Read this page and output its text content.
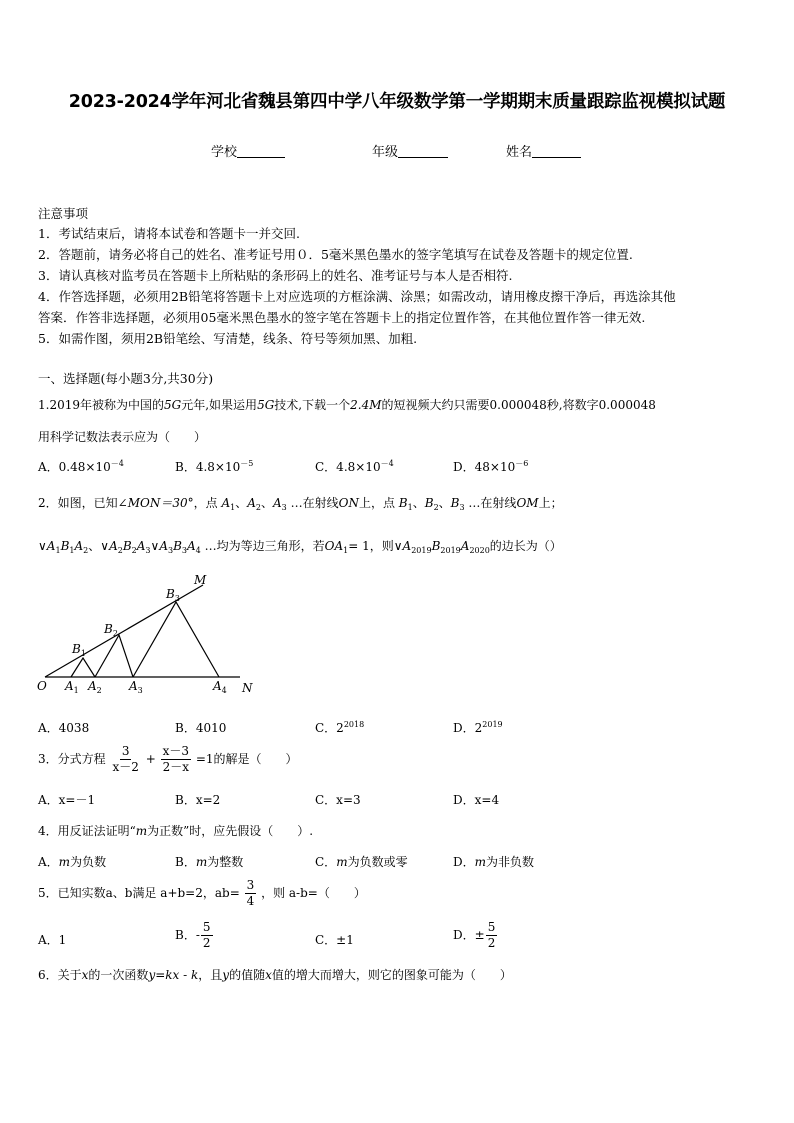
2023-2024学年河北省魏县第四中学八年级数学第一学期期末质量跟踪监视模拟试题
学校	年级	姓名
注意事项
1．考试结束后，请将本试卷和答题卡一并交回.
2．答题前，请务必将自己的姓名、准考证号用０．5毫米黑色墨水的签字笔填写在试卷及答题卡的规定位置.
3．请认真核对监考员在答题卡上所粘贴的条形码上的姓名、准考证号与本人是否相符.
4．作答选择题，必须用2B铅笔将答题卡上对应选项的方框涂满、涂黑；如需改动，请用橡皮擦干净后，再选涂其他
答案．作答非选择题，必须用05毫米黑色墨水的签字笔在答题卡上的指定位置作答，在其他位置作答一律无效.
5．如需作图，须用2B铅笔绘、写清楚，线条、符号等须加黑、加粗.
一、选择题(每小题3分,共30分)
1.2019年被称为中国的5G元年,如果运用5G技术,下载一个2.4M的短视频大约只需要0.000048秒,将数字0.000048
用科学记数法表示应为（　　）
A．$0.48\times 10^{-4}$	B．$4.8\times 10^{-5}$	C．$4.8\times 10^{-4}$	D．$48\times 10^{-6}$
2．如图，已知∠MON＝30°，点 $A_1$、$A_2$、$A_3$ …在射线ON上，点 $B_1$、$B_2$、$B_3$ …在射线OM上；
$\vee A_1B_1A_2$、$\vee A_2B_2A_3\vee A_3B_3A_4$ …均为等边三角形，若$OA_1= 1$，则$\vee A_{2019}B_{2019}A_{2020}$的边长为（）
O $A_1$ $A_2$ $A_3$	$A_4$ N
$B_1$
$B_2$
$B_3$
M
A．4038	B．4010	C．$2^{2018}$	D．$2^{2019}$
3．分式方程 $\frac{3}{x-2} + \frac{x-3}{2-x} =1$的解是（　　）
A．x=－1	B．x=2	C．x=3	D．x=4
4．用反证法证明“m为正数”时，应先假设（　　）.
A．m为负数	B．m为整数	C．m为负数或零	D．m为非负数
5．已知实数a、b满足 a+b=2，$ab= \frac{3}{4}$ ，则 a-b=（　　）
A．1	B．- $\frac{5}{2}$	C．±1	D．± $\frac{5}{2}$
6．关于x的一次函数y=kx - k，且y的值随x值的增大而增大，则它的图象可能为（　　）
